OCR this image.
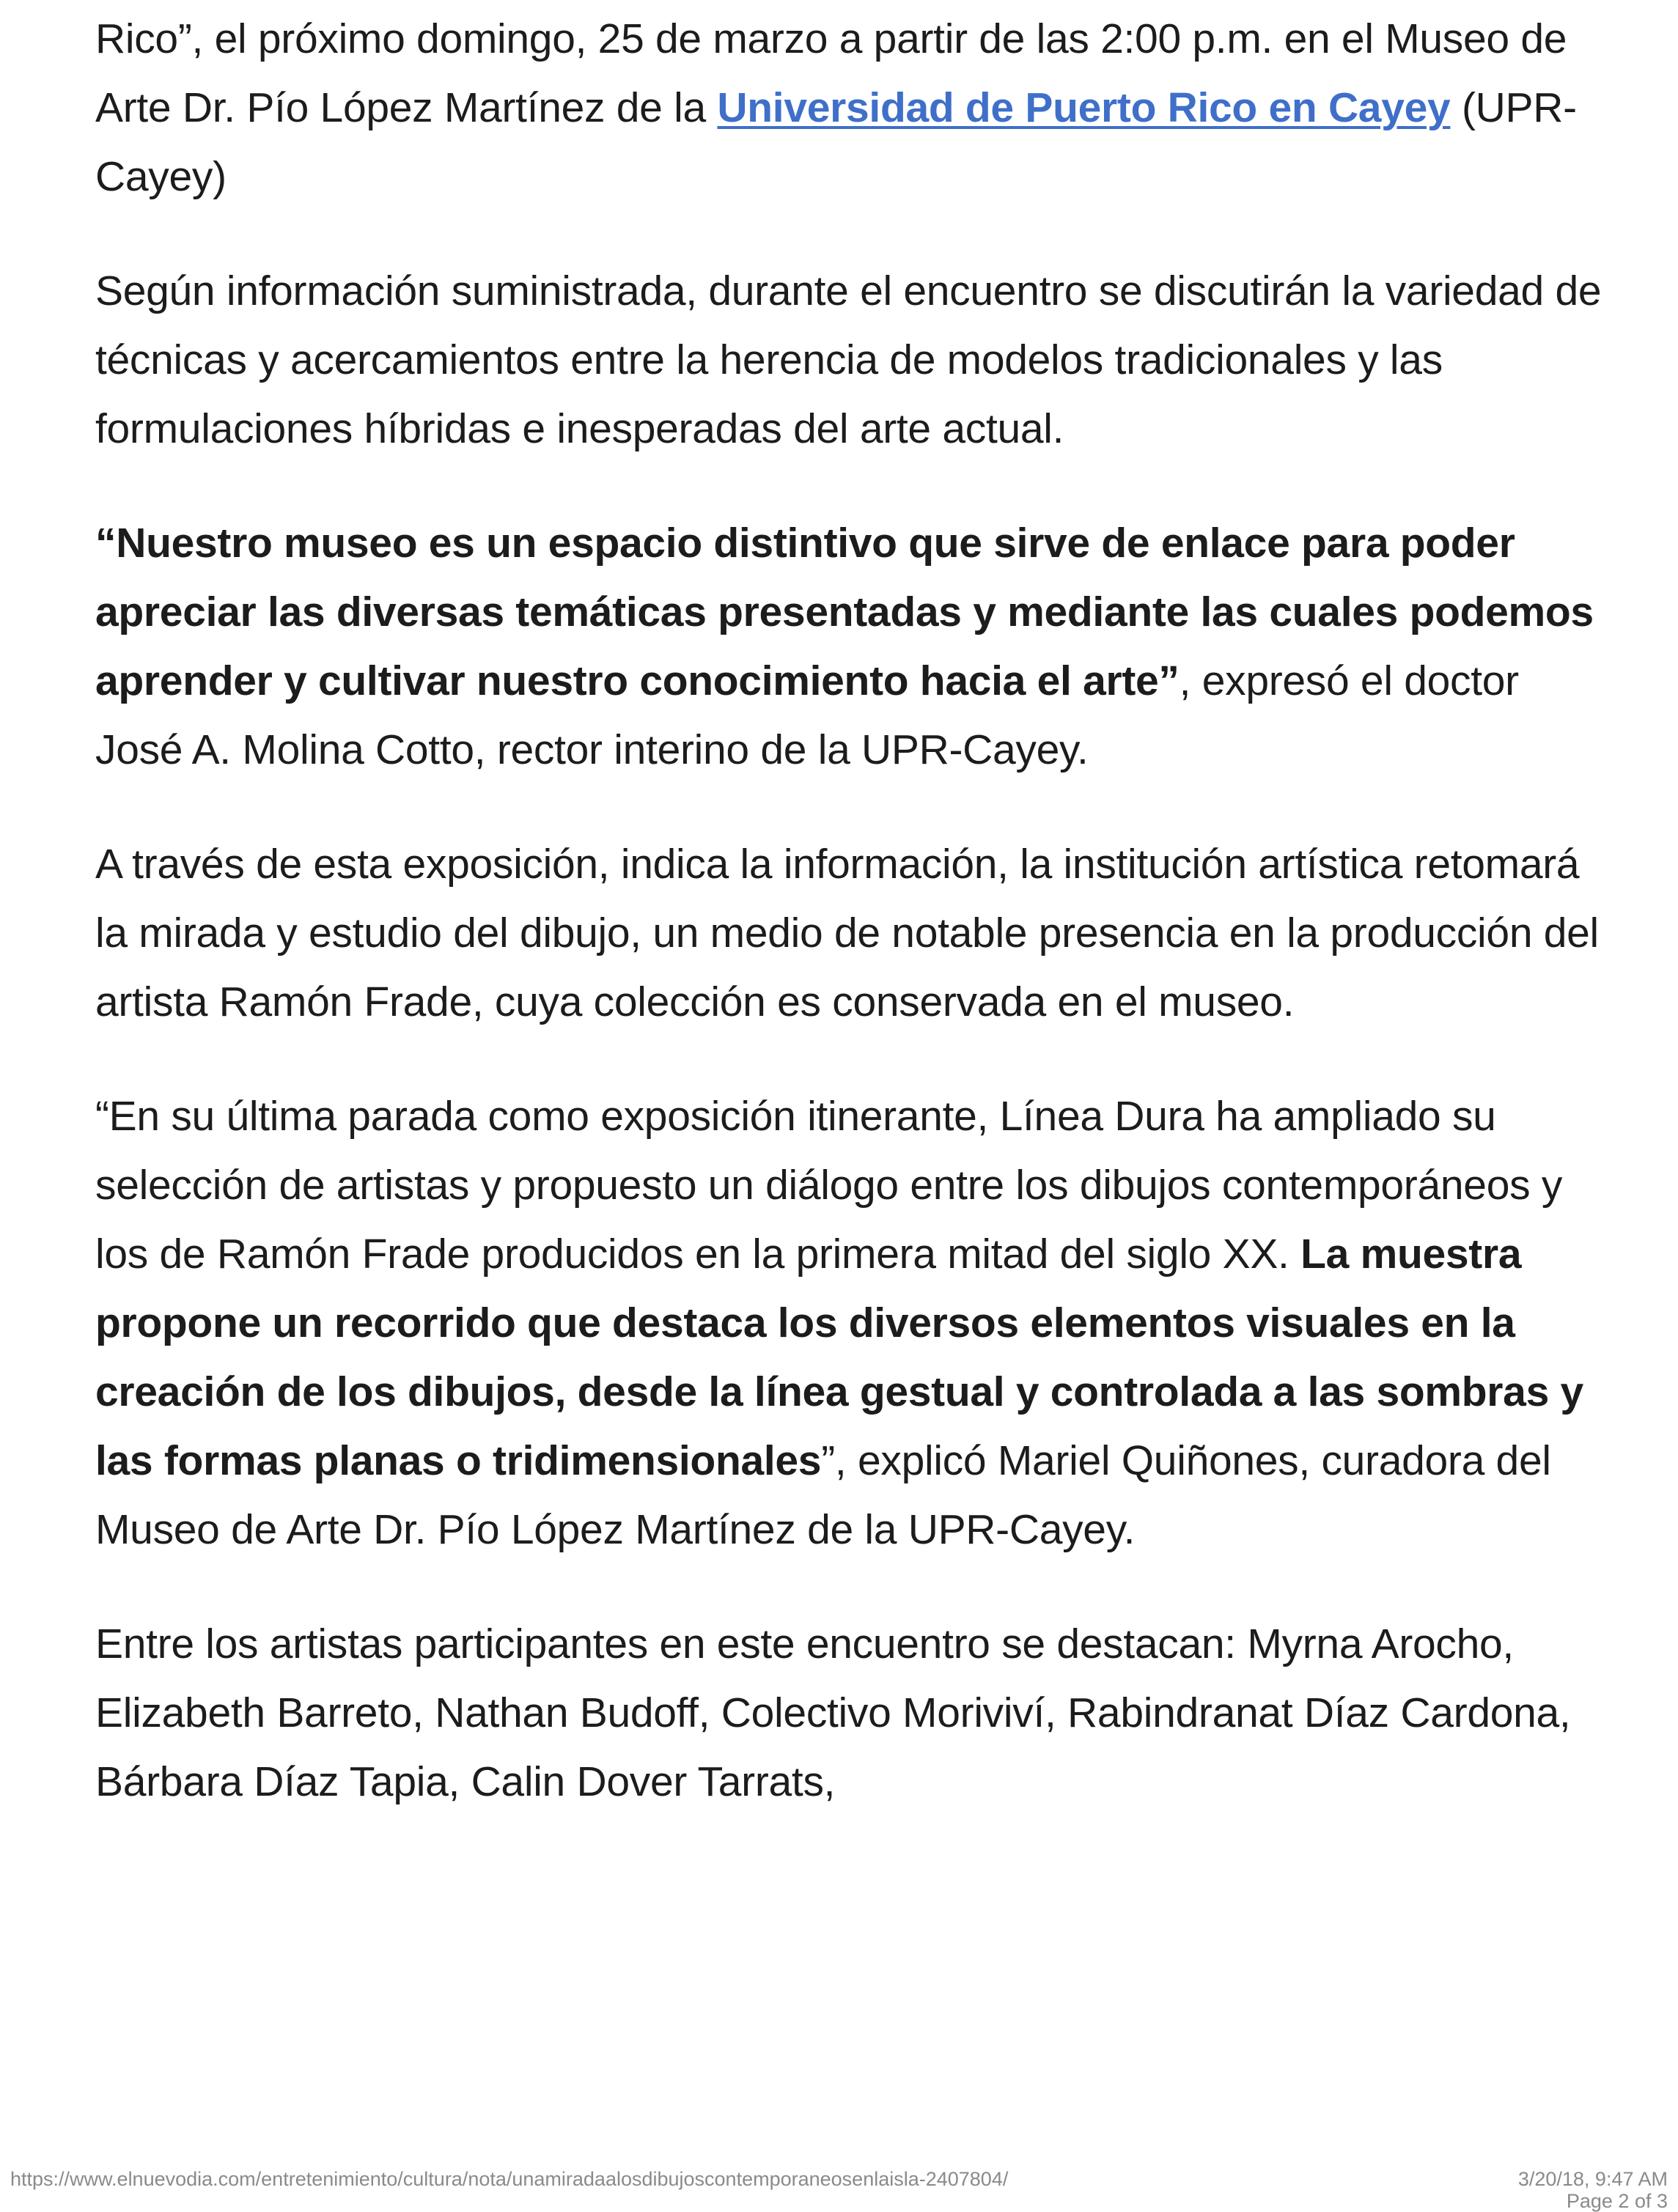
Rico”, el próximo domingo, 25 de marzo a partir de las 2:00 p.m. en el Museo de Arte Dr. Pío López Martínez de la Universidad de Puerto Rico en Cayey (UPR-Cayey)

Según información suministrada, durante el encuentro se discutirán la variedad de técnicas y acercamientos entre la herencia de modelos tradicionales y las formulaciones híbridas e inesperadas del arte actual.

“Nuestro museo es un espacio distintivo que sirve de enlace para poder apreciar las diversas temáticas presentadas y mediante las cuales podemos aprender y cultivar nuestro conocimiento hacia el arte”, expresó el doctor José A. Molina Cotto, rector interino de la UPR-Cayey.

A través de esta exposición, indica la información, la institución artística retomará la mirada y estudio del dibujo, un medio de notable presencia en la producción del artista Ramón Frade, cuya colección es conservada en el museo.

“En su última parada como exposición itinerante, Línea Dura ha ampliado su selección de artistas y propuesto un diálogo entre los dibujos contemporáneos y los de Ramón Frade producidos en la primera mitad del siglo XX. La muestra propone un recorrido que destaca los diversos elementos visuales en la creación de los dibujos, desde la línea gestual y controlada a las sombras y las formas planas o tridimensionales”, explicó Mariel Quiñones, curadora del Museo de Arte Dr. Pío López Martínez de la UPR-Cayey.

Entre los artistas participantes en este encuentro se destacan: Myrna Arocho, Elizabeth Barreto, Nathan Budoff, Colectivo Moriviví, Rabindranat Díaz Cardona, Bárbara Díaz Tapia, Calin Dover Tarrats,

https://www.elnuevodia.com/entretenimiento/cultura/nota/unamiradaalosdibujoscontemporaneosenlaisla-2407804/	3/20/18, 9:47 AM
Page 2 of 3
